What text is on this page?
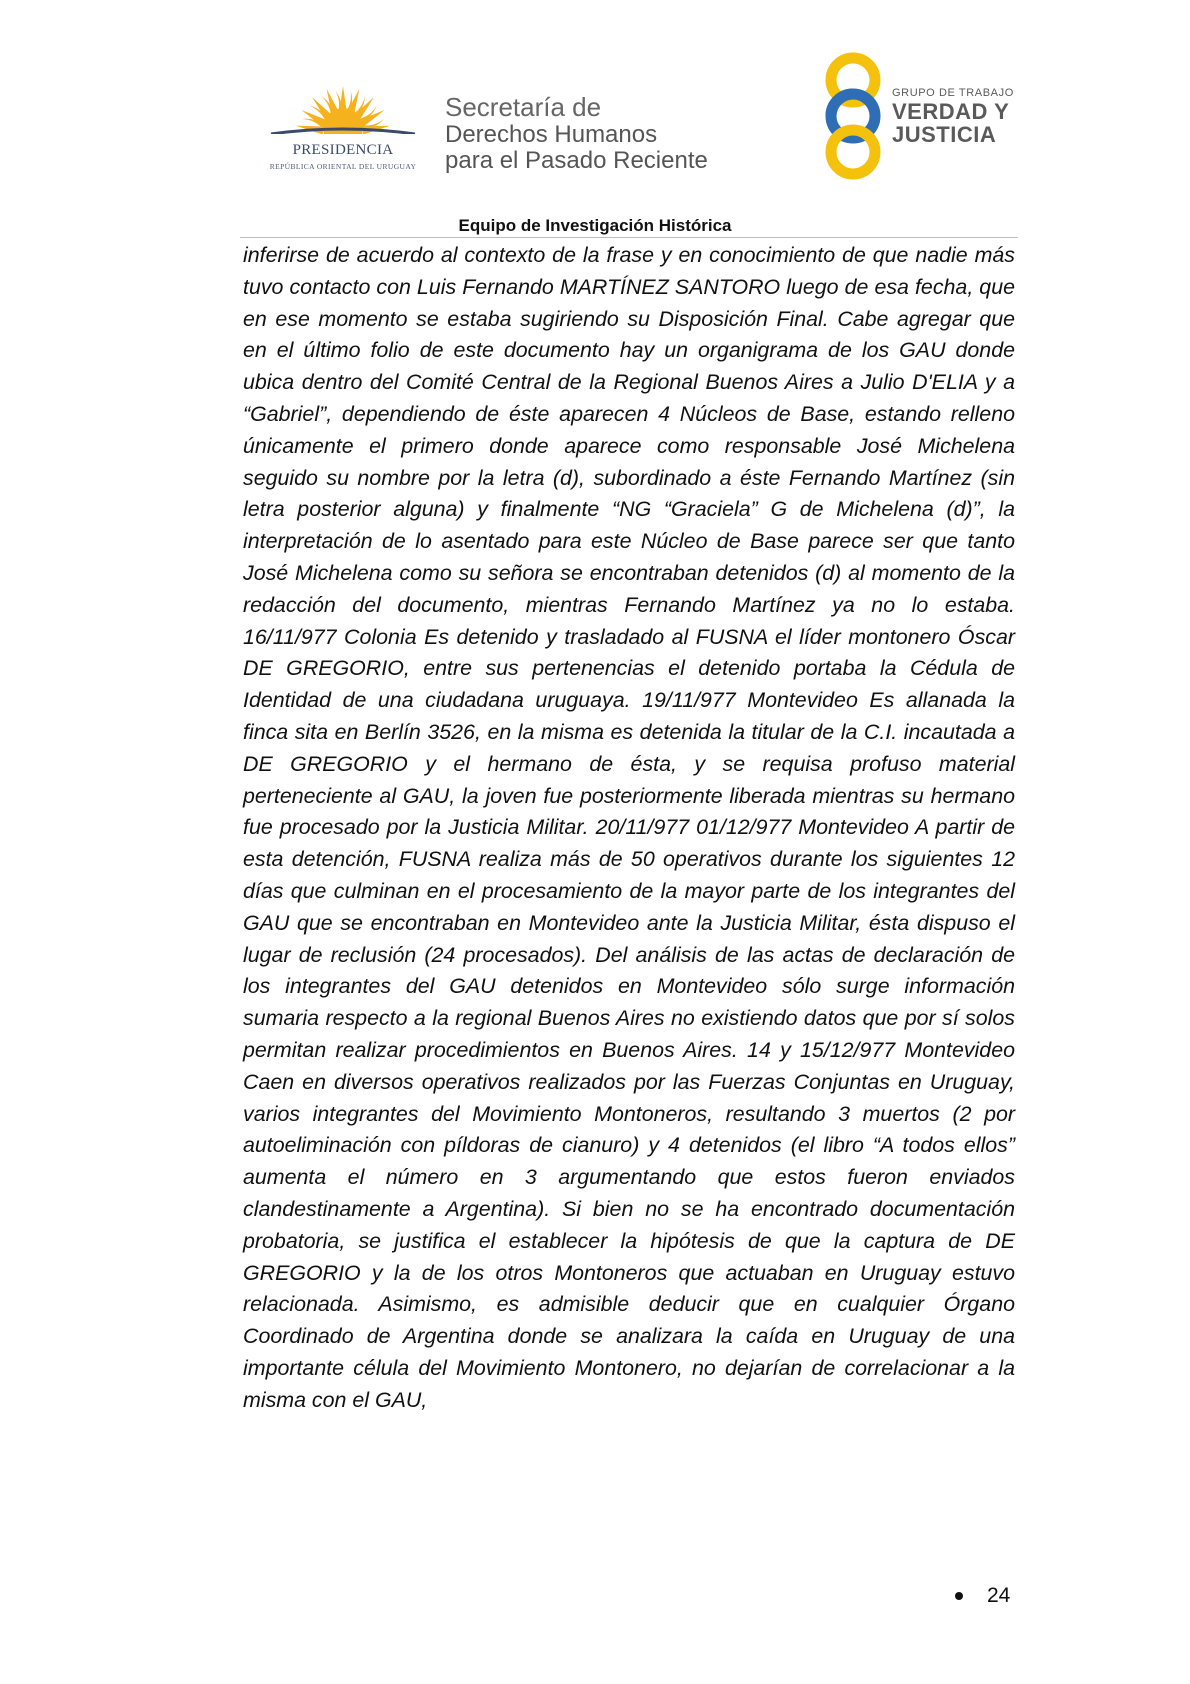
PRESIDENCIA
REPÚBLICA ORIENTAL DEL URUGUAY
Secretaría de
Derechos Humanos
para el Pasado Reciente
GRUPO DE TRABAJO
VERDAD Y
JUSTICIA
Equipo de Investigación Histórica
inferirse de acuerdo al contexto de la frase y en conocimiento de que nadie más tuvo contacto con Luis Fernando MARTÍNEZ SANTORO luego de esa fecha, que en ese momento se estaba sugiriendo su Disposición Final. Cabe agregar que en el último folio de este documento hay un organigrama de los GAU donde ubica dentro del Comité Central de la Regional Buenos Aires a Julio D'ELIA y a “Gabriel”, dependiendo de éste aparecen 4 Núcleos de Base, estando relleno únicamente el primero donde aparece como responsable José Michelena seguido su nombre por la letra (d), subordinado a éste Fernando Martínez (sin letra posterior alguna) y finalmente “NG “Graciela” G de Michelena (d)”, la interpretación de lo asentado para este Núcleo de Base parece ser que tanto José Michelena como su señora se encontraban detenidos (d) al momento de la redacción del documento, mientras Fernando Martínez ya no lo estaba. 16/11/977 Colonia Es detenido y trasladado al FUSNA el líder montonero Óscar DE GREGORIO, entre sus pertenencias el detenido portaba la Cédula de Identidad de una ciudadana uruguaya. 19/11/977 Montevideo Es allanada la finca sita en Berlín 3526, en la misma es detenida la titular de la C.I. incautada a DE GREGORIO y el hermano de ésta, y se requisa profuso material perteneciente al GAU, la joven fue posteriormente liberada mientras su hermano fue procesado por la Justicia Militar. 20/11/977 01/12/977 Montevideo A partir de esta detención, FUSNA realiza más de 50 operativos durante los siguientes 12 días que culminan en el procesamiento de la mayor parte de los integrantes del GAU que se encontraban en Montevideo ante la Justicia Militar, ésta dispuso el lugar de reclusión (24 procesados). Del análisis de las actas de declaración de los integrantes del GAU detenidos en Montevideo sólo surge información sumaria respecto a la regional Buenos Aires no existiendo datos que por sí solos permitan realizar procedimientos en Buenos Aires. 14 y 15/12/977 Montevideo Caen en diversos operativos realizados por las Fuerzas Conjuntas en Uruguay, varios integrantes del Movimiento Montoneros, resultando 3 muertos (2 por autoeliminación con píldoras de cianuro) y 4 detenidos (el libro “A todos ellos” aumenta el número en 3 argumentando que estos fueron enviados clandestinamente a Argentina). Si bien no se ha encontrado documentación probatoria, se justifica el establecer la hipótesis de que la captura de DE GREGORIO y la de los otros Montoneros que actuaban en Uruguay estuvo relacionada. Asimismo, es admisible deducir que en cualquier Órgano Coordinado de Argentina donde se analizara la caída en Uruguay de una importante célula del Movimiento Montonero, no dejarían de correlacionar a la misma con el GAU,
24
